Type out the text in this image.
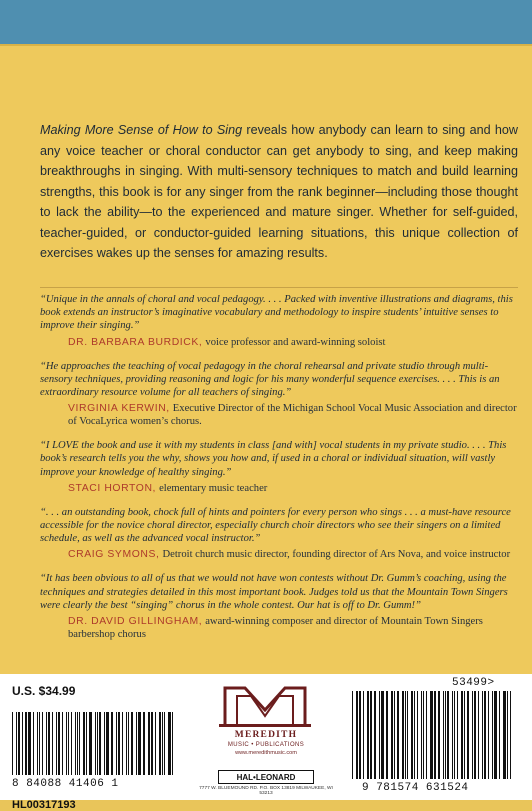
Making More Sense of How to Sing reveals how anybody can learn to sing and how any voice teacher or choral conductor can get anybody to sing, and keep making breakthroughs in singing. With multi-sensory techniques to match and build learning strengths, this book is for any singer from the rank beginner—including those thought to lack the ability—to the experienced and mature singer. Whether for self-guided, teacher-guided, or conductor-guided learning situations, this unique collection of exercises wakes up the senses for amazing results.
“Unique in the annals of choral and vocal pedagogy. . . . Packed with inventive illustrations and diagrams, this book extends an instructor’s imaginative vocabulary and methodology to inspire students’ intuitive senses to improve their singing.”
DR. BARBARA BURDICK, voice professor and award-winning soloist
“He approaches the teaching of vocal pedagogy in the choral rehearsal and private studio through multi-sensory techniques, providing reasoning and logic for his many wonderful sequence exercises. . . . This is an extraordinary resource volume for all teachers of singing.”
VIRGINIA KERWIN, Executive Director of the Michigan School Vocal Music Association and director of VocaLyrica women’s chorus.
“I LOVE the book and use it with my students in class [and with] vocal students in my private studio. . . . This book’s research tells you the why, shows you how and, if used in a choral or individual situation, will vastly improve your knowledge of healthy singing.”
STACI HORTON, elementary music teacher
“. . . an outstanding book, chock full of hints and pointers for every person who sings . . . a must-have resource accessible for the novice choral director, especially church choir directors who see their singers on a limited schedule, as well as the advanced vocal instructor.”
CRAIG SYMONS, Detroit church music director, founding director of Ars Nova, and voice instructor
“It has been obvious to all of us that we would not have won contests without Dr. Gumm’s coaching, using the techniques and strategies detailed in this most important book. Judges told us that the Mountain Town Singers were clearly the best “singing” chorus in the whole contest. Our hat is off to Dr. Gumm!”
DR. DAVID GILLINGHAM, award-winning composer and director of Mountain Town Singers barbershop chorus
U.S. $34.99
8 84088 41406 1
HL00317193
MEREDITH
MUSIC • PUBLICATIONS
www.meredithmusic.com
HAL•LEONARD
7777 W. BLUEMOUND RD. P.O. BOX 13819 MILWAUKEE, WI 53213
53499>
9 781574 631524
